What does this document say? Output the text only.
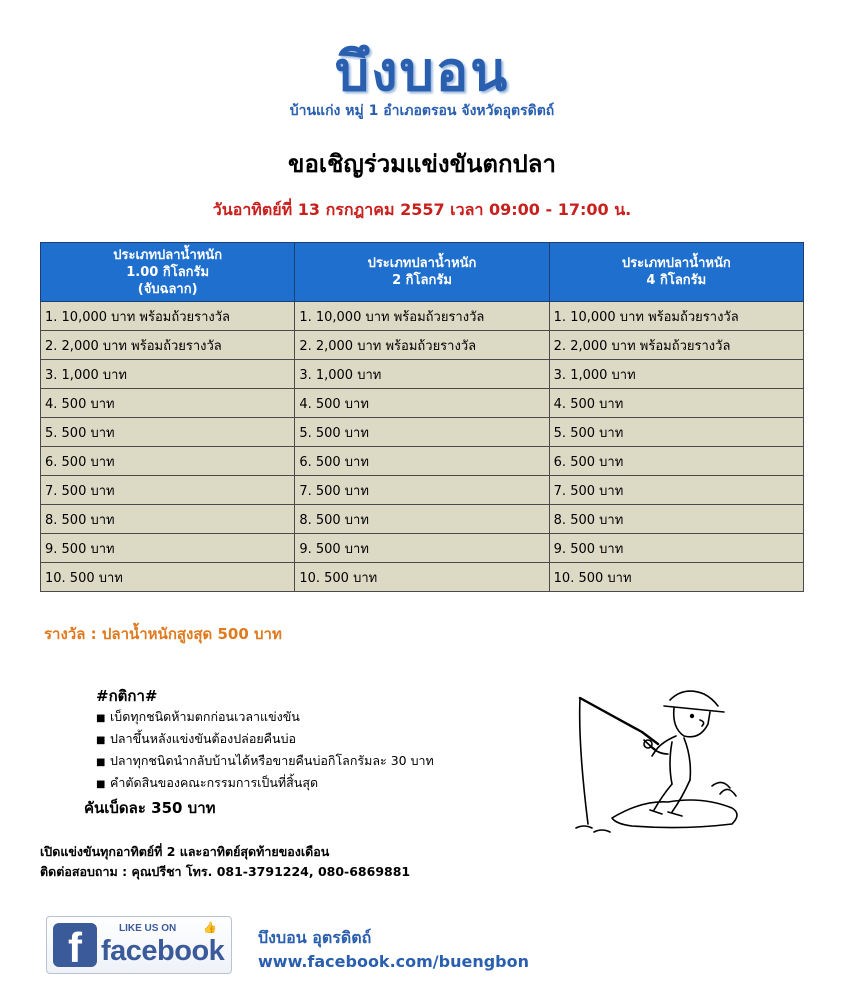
บึงบอน
บ้านแก่ง หมู่ 1 อำเภอตรอน จังหวัดอุตรดิตถ์
ขอเชิญร่วมแข่งขันตกปลา
วันอาทิตย์ที่ 13 กรกฎาคม 2557 เวลา 09:00 - 17:00 น.
ประเภทปลาน้ำหนัก
1.00 กิโลกรัม
(จับฉลาก)	ประเภทปลาน้ำหนัก
2 กิโลกรัม	ประเภทปลาน้ำหนัก
4 กิโลกรัม

1. 10,000 บาท พร้อมถ้วยรางวัล	1. 10,000 บาท พร้อมถ้วยรางวัล	1. 10,000 บาท พร้อมถ้วยรางวัล
2. 2,000 บาท พร้อมถ้วยรางวัล	2. 2,000 บาท พร้อมถ้วยรางวัล	2. 2,000 บาท พร้อมถ้วยรางวัล
3. 1,000 บาท	3. 1,000 บาท	3. 1,000 บาท
4. 500 บาท	4. 500 บาท	4. 500 บาท
5. 500 บาท	5. 500 บาท	5. 500 บาท
6. 500 บาท	6. 500 บาท	6. 500 บาท
7. 500 บาท	7. 500 บาท	7. 500 บาท
8. 500 บาท	8. 500 บาท	8. 500 บาท
9. 500 บาท	9. 500 บาท	9. 500 บาท
10. 500 บาท	10. 500 บาท	10. 500 บาท
รางวัล : ปลาน้ำหนักสูงสุด 500 บาท
#กติกา#
■ เบ็ดทุกชนิดห้ามตกก่อนเวลาแข่งขัน
■ ปลาขึ้นหลังแข่งขันต้องปล่อยคืนบ่อ
■ ปลาทุกชนิดนำกลับบ้านได้หรือขายคืนบ่อกิโลกรัมละ 30 บาท
■ คำตัดสินของคณะกรรมการเป็นที่สิ้นสุด
คันเบ็ดละ 350 บาท
เปิดแข่งขันทุกอาทิตย์ที่ 2 และอาทิตย์สุดท้ายของเดือน
ติดต่อสอบถาม : คุณปรีชา โทร. 081-3791224, 080-6869881
f	LIKE US ON 👍
facebook บึงบอน อุตรดิตถ์
www.facebook.com/buengbon
